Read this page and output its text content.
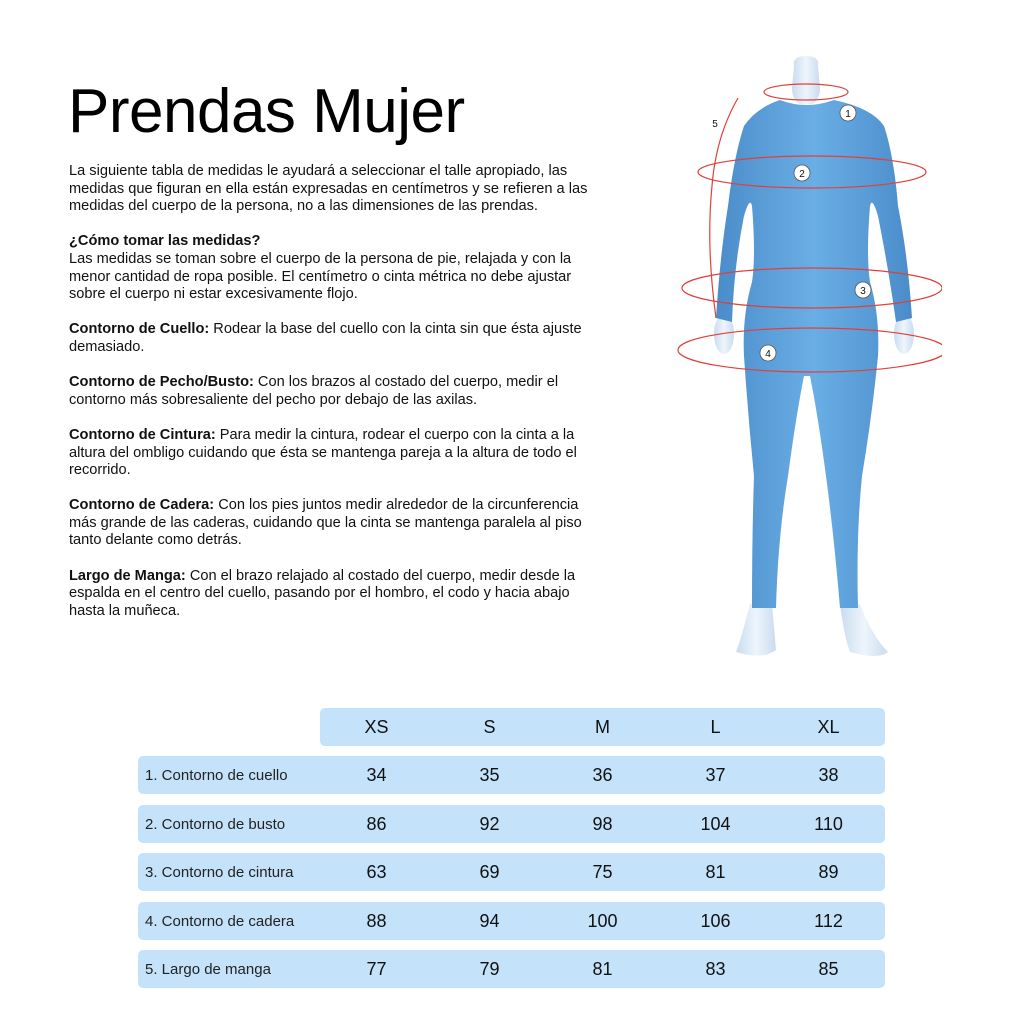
Prendas Mujer

La siguiente tabla de medidas le ayudará a seleccionar el talle apropiado, las medidas que figuran en ella están expresadas en centímetros y se refieren a las medidas del cuerpo de la persona, no a las dimensiones de las prendas.

¿Cómo tomar las medidas?
Las medidas se toman sobre el cuerpo de la persona de pie, relajada y con la menor cantidad de ropa posible. El centímetro o cinta métrica no debe ajustar sobre el cuerpo ni estar excesivamente flojo.

Contorno de Cuello: Rodear la base del cuello con la cinta sin que ésta ajuste demasiado.

Contorno de Pecho/Busto: Con los brazos al costado del cuerpo, medir el contorno más sobresaliente del pecho por debajo de las axilas.

Contorno de Cintura: Para medir la cintura, rodear el cuerpo con la cinta a la altura del ombligo cuidando que ésta se mantenga pareja a la altura de todo el recorrido.

Contorno de Cadera: Con los pies juntos medir alrededor de la circunferencia más grande de las caderas, cuidando que la cinta se mantenga paralela al piso tanto delante como detrás.

Largo de Manga: Con el brazo relajado al costado del cuerpo, medir desde la espalda en el centro del cuello, pasando por el hombro, el codo y hacia abajo hasta la muñeca.

1
2
3
4
5
XS	S	M	L	XL
1. Contorno de cuello	34	35	36	37	38
2. Contorno de busto	86	92	98	104	110
3. Contorno de cintura	63	69	75	81	89
4. Contorno de cadera	88	94	100	106	112
5. Largo de manga	77	79	81	83	85
